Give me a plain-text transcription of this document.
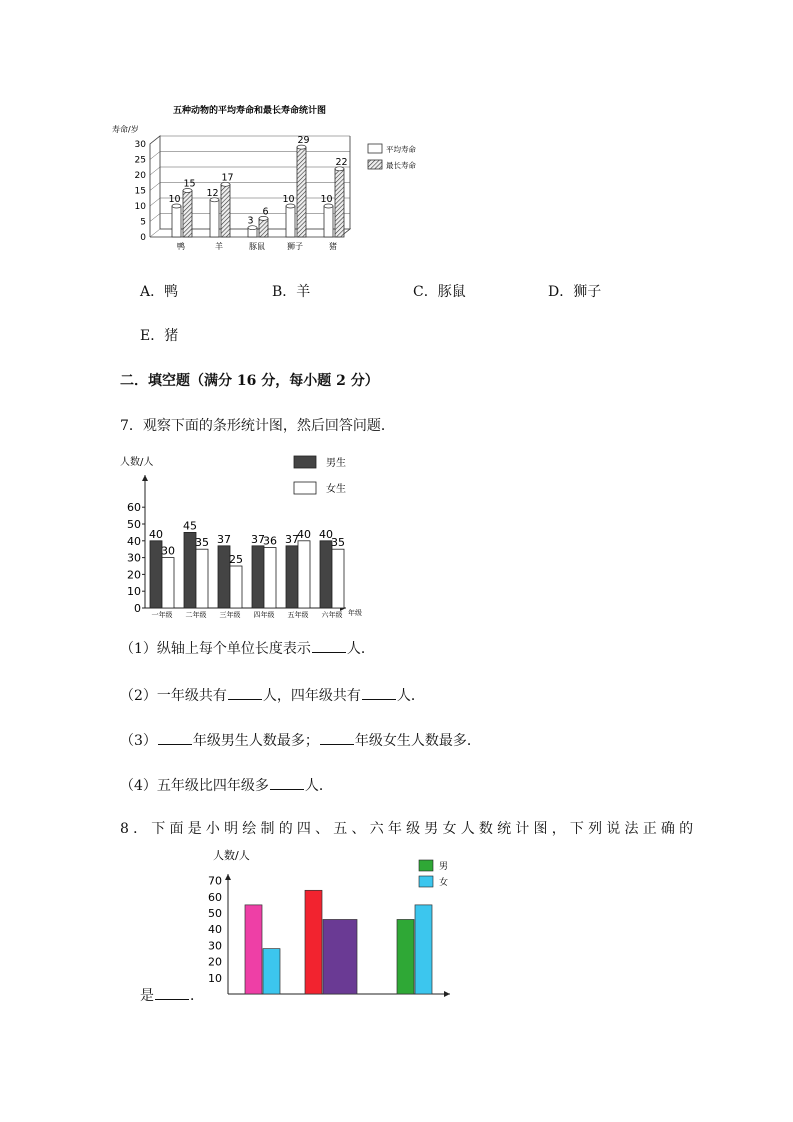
五种动物的平均寿命和最长寿命统计图
寿命/岁
0
5
10
15
20
25
30
鸭
10
15
羊
12
17
豚鼠
3
6
狮子
10
29
猪
10
22
平均寿命
最长寿命
A．鸭	B．羊	C．豚鼠	D．狮子
E．猪
二．填空题（满分 16 分，每小题 2 分）
7．观察下面的条形统计图，然后回答问题．
人数/人	男生
女生
0
10
20
30
40
50
60
一年级
40
30
二年级
45
35
三年级
37
25
四年级
37
36
五年级
37
40
六年级
40
35
年级
（1）纵轴上每个单位长度表示	人．
（2）一年级共有	人，四年级共有	人．
（3）	年级男生人数最多；	年级女生人数最多．
（4）五年级比四年级多	人．
8．下面是小明绘制的四、五、六年级男女人数统计图，下列说法正确的
人数/人
男
女
10
20
30
40
50
60
70
是	．
